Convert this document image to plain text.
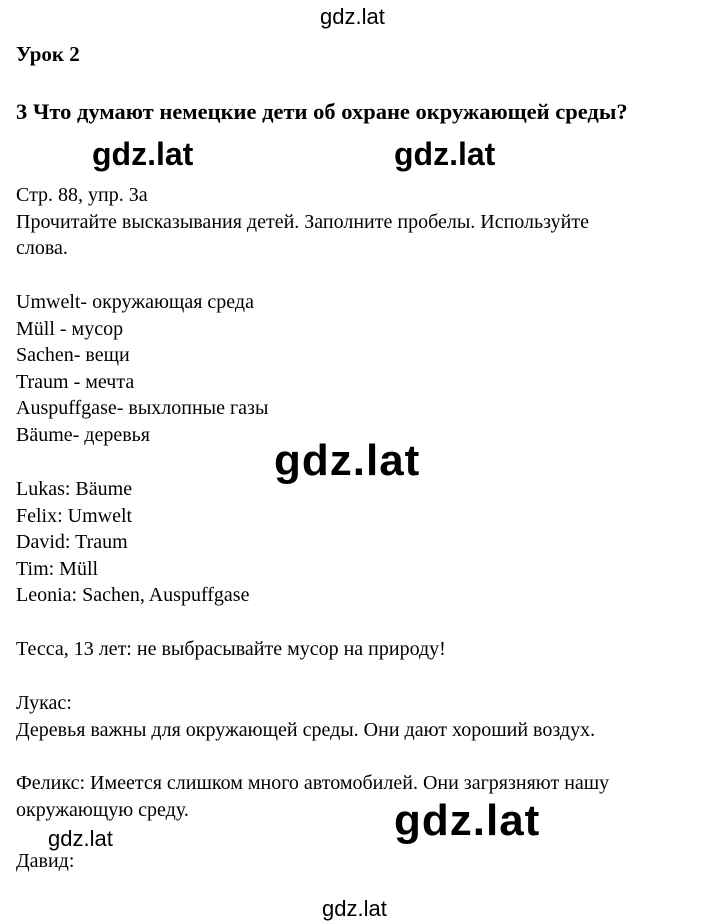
gdz.lat
Урок 2
3 Что думают немецкие дети об охране окружающей среды?
gdz.lat	gdz.lat
Стр. 88, упр. 3а
Прочитайте высказывания детей. Заполните пробелы. Используйте
слова.
Umwelt- окружающая среда
Müll - мусор
Sachen- вещи
Traum - мечта
Auspuffgase- выхлопные газы
Bäume- деревья
gdz.lat
Lukas: Bäume
Felix: Umwelt
David: Traum
Tim: Müll
Leonia: Sachen, Auspuffgase
Тесса, 13 лет: не выбрасывайте мусор на природу!
Лукас:
Деревья важны для окружающей среды. Они дают хороший воздух.
Феликс: Имеется слишком много автомобилей. Они загрязняют нашу
окружающую среду.	gdz.lat
gdz.lat
Давид:
gdz.lat
